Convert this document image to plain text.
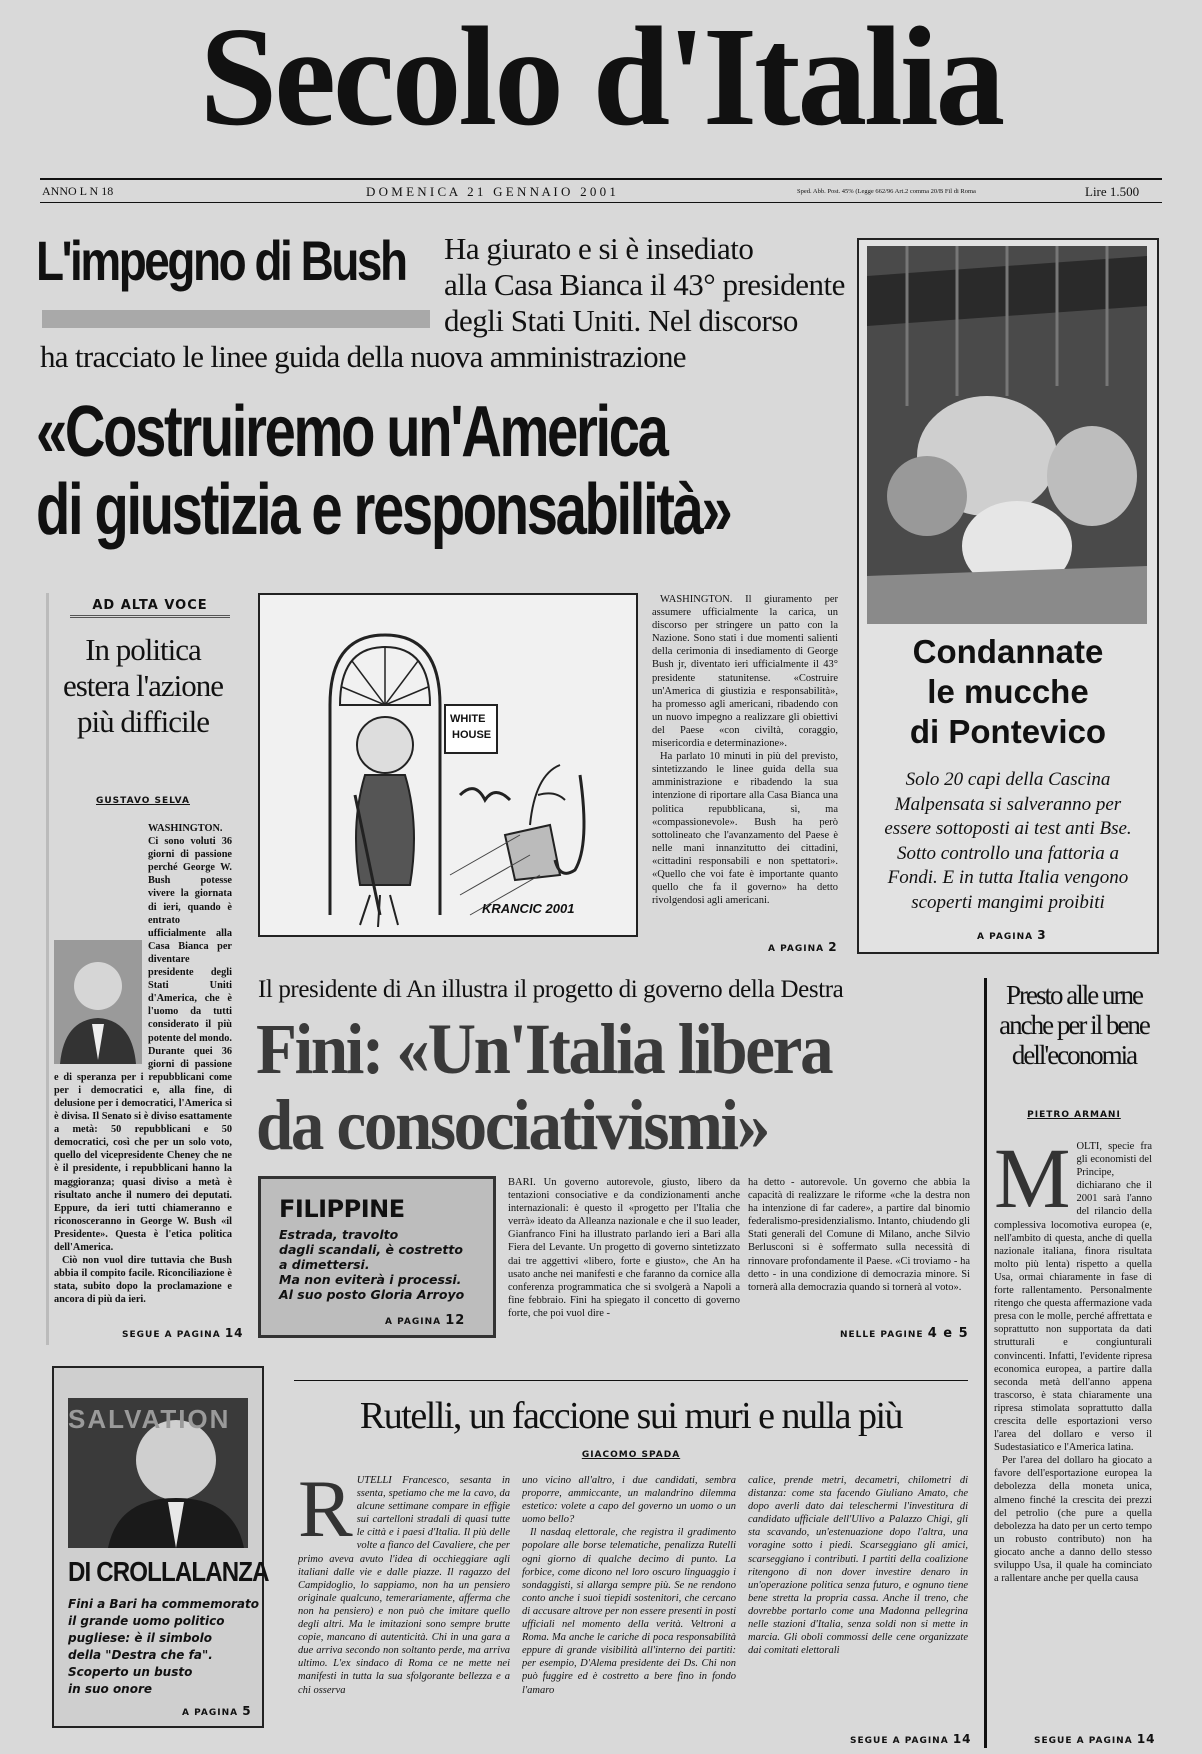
Secolo d'Italia
ANNO L N 18	D O M E N I C A   2 1   G E N N A I O   2 0 0 1	Sped. Abb. Post. 45% (Legge 662/96 Art.2 comma 20/B Fil di Roma	Lire 1.500
L'impegno di Bush Ha giurato e si è insediato
alla Casa Bianca il 43° presidente
degli Stati Uniti. Nel discorso
ha tracciato le linee guida della nuova amministrazione
«Costruiremo un'America
di giustizia e responsabilità»
WHITE
HOUSE
KRANCIC 2001

WASHINGTON. Il giuramento per assumere ufficialmente la carica, un discorso per stringere un patto con la Nazione. Sono stati i due momenti salienti della cerimonia di insediamento di George Bush jr, diventato ieri ufficialmente il 43° presidente statunitense. «Costruire un'America di giustizia e responsabilità», ha promesso agli americani, ribadendo con un nuovo impegno a realizzare gli obiettivi del Paese «con civiltà, coraggio, misericordia e determinazione».

Ha parlato 10 minuti in più del previsto, sintetizzando le linee guida della sua amministrazione e ribadendo la sua intenzione di riportare alla Casa Bianca una politica repubblicana, sì, ma «compassionevole». Bush ha però sottolineato che l'avanzamento del Paese è nelle mani innanzitutto dei cittadini, «cittadini responsabili e non spettatori». «Quello che voi fate è importante quanto quello che fa il governo» ha detto rivolgendosi agli americani.

A PAGINA 2
AD ALTA VOCE
In politica estera l'azione più difficile
GUSTAVO SELVA

WASHINGTON. Ci sono voluti 36 giorni di passione perché George W. Bush potesse vivere la giornata di ieri, quando è entrato ufficialmente alla Casa Bianca per diventare presidente degli Stati Uniti d'America, che è l'uomo da tutti considerato il più potente del mondo. Durante quei 36 giorni di passione e di speranza per i repubblicani come per i democratici e, alla fine, di delusione per i democratici, l'America si è divisa. Il Senato si è diviso esattamente a metà: 50 repubblicani e 50 democratici, così che per un solo voto, quello del vicepresidente Cheney che ne è il presidente, i repubblicani hanno la maggioranza; quasi diviso a metà è risultato anche il numero dei deputati. Eppure, da ieri tutti chiameranno e riconosceranno in George W. Bush «il Presidente». Questa è l'etica politica dell'America.

Ciò non vuol dire tuttavia che Bush abbia il compito facile. Riconciliazione è stata, subito dopo la proclamazione e ancora di più da ieri.

SEGUE A PAGINA 14
Condannate
le mucche
di Pontevico
Solo 20 capi della Cascina Malpensata si salveranno per essere sottoposti ai test anti Bse. Sotto controllo una fattoria a Fondi. E in tutta Italia vengono scoperti mangimi proibiti
A PAGINA 3
Il presidente di An illustra il progetto di governo della Destra
Fini: «Un'Italia libera
da consociativismi»

BARI. Un governo autorevole, giusto, libero da tentazioni consociative e da condizionamenti anche internazionali: è questo il «progetto per l'Italia che verrà» ideato da Alleanza nazionale e che il suo leader, Gianfranco Fini ha illustrato parlando ieri a Bari alla Fiera del Levante. Un progetto di governo sintetizzato dai tre aggettivi «libero, forte e giusto», che An ha usato anche nei manifesti e che faranno da cornice alla conferenza programmatica che si svolgerà a Napoli a fine febbraio. Fini ha spiegato il concetto di governo forte, che poi vuol dire -

ha detto - autorevole. Un governo che abbia la capacità di realizzare le riforme «che la destra non ha intenzione di far cadere», a partire dal binomio federalismo-presidenzialismo. Intanto, chiudendo gli Stati generali del Comune di Milano, anche Silvio Berlusconi si è soffermato sulla necessità di rinnovare profondamente il Paese. «Ci troviamo - ha detto - in una condizione di democrazia minore. Si tornerà alla democrazia quando si tornerà al voto».

NELLE PAGINE 4 e 5
FILIPPINE
Estrada, travolto
dagli scandali, è costretto
a dimettersi.
Ma non eviterà i processi.
Al suo posto Gloria Arroyo
A PAGINA 12
Presto alle urne anche per il bene dell'economia
PIETRO ARMANI
M OLTI, specie fra gli economisti del Principe, dichiarano che il 2001 sarà l'anno del rilancio della complessiva locomotiva europea (e, nell'ambito di questa, anche di quella nazionale italiana, finora risultata molto più lenta) rispetto a quella Usa, ormai chiaramente in fase di forte rallentamento. Personalmente ritengo che questa affermazione vada presa con le molle, perché affrettata e soprattutto non supportata da dati strutturali e congiunturali convincenti. Infatti, l'evidente ripresa economica europea, a partire dalla seconda metà dell'anno appena trascorso, è stata chiaramente una ripresa stimolata soprattutto dalla crescita delle esportazioni verso l'area del dollaro e verso il Sudestasiatico e l'America latina.

Per l'area del dollaro ha giocato a favore dell'esportazione europea la debolezza della moneta unica, almeno finché la crescita dei prezzi del petrolio (che pure a quella debolezza ha dato per un certo tempo un robusto contributo) non ha giocato anche a danno dello stesso sviluppo Usa, il quale ha cominciato a rallentare anche per quella causa

SEGUE A PAGINA 14
SALVATION
DI CROLLALANZA
Fini a Bari ha commemorato
il grande uomo politico
pugliese: è il simbolo
della "Destra che fa".
Scoperto un busto
in suo onore
A PAGINA 5
Rutelli, un faccione sui muri e nulla più
GIACOMO SPADA
R UTELLI Francesco, sesanta in ssenta, spetiamo che me la cavo, da alcune settimane compare in effigie sui cartelloni stradali di quasi tutte le città e i paesi d'Italia. Il più delle volte a fianco del Cavaliere, che per primo aveva avuto l'idea di occhieggiare agli italiani dalle vie e dalle piazze. Il ragazzo del Campidoglio, lo sappiamo, non ha un pensiero originale qualcuno, temerariamente, afferma che non ha pensiero) e non può che imitare quello degli altri. Ma le imitazioni sono sempre brutte copie, mancano di autenticità. Chi in una gara a due arriva secondo non soltanto perde, ma arriva ultimo. L'ex sindaco di Roma ce ne mette nei manifesti in tutta la sua sfolgorante bellezza e a chi osserva

uno vicino all'altro, i due candidati, sembra proporre, ammiccante, un malandrino dilemma estetico: volete a capo del governo un uomo o un uomo bello?

Il nasdaq elettorale, che registra il gradimento popolare alle borse telematiche, penalizza Rutelli ogni giorno di qualche decimo di punto. La forbice, come dicono nel loro oscuro linguaggio i sondaggisti, si allarga sempre più. Se ne rendono conto anche i suoi tiepidi sostenitori, che cercano di accusare altrove per non essere presenti in posti ufficiali nel momento della verità. Veltroni a Roma. Ma anche le cariche di poca responsabilità eppure di grande visibilità all'interno dei partiti: per esempio, D'Alema presidente dei Ds. Chi non può fuggire ed è costretto a bere fino in fondo l'amaro

calice, prende metri, decametri, chilometri di distanza: come sta facendo Giuliano Amato, che dopo averli dato dai teleschermi l'investitura di candidato ufficiale dell'Ulivo a Palazzo Chigi, gli sta scavando, un'estenuazione dopo l'altra, una voragine sotto i piedi. Scarseggiano gli amici, scarseggiano i contributi. I partiti della coalizione ritengono di non dover investire denaro in un'operazione politica senza futuro, e ognuno tiene bene stretta la propria cassa. Anche il treno, che dovrebbe portarlo come una Madonna pellegrina nelle stazioni d'Italia, senza soldi non si mette in marcia. Gli oboli commossi delle cene organizzate dai comitati elettorali

SEGUE A PAGINA 14
